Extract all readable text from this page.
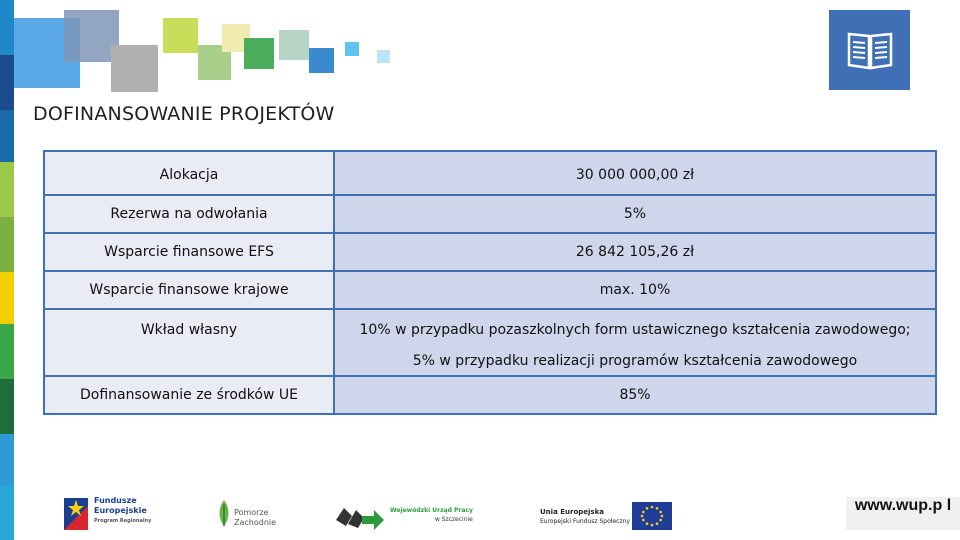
DOFINANSOWANIE PROJEKTÓW
Alokacja	30 000 000,00 zł
Rezerwa na odwołania	5%
Wsparcie finansowe EFS	26 842 105,26 zł
Wsparcie finansowe krajowe	max. 10%
Wkład własny	10% w przypadku pozaszkolnych form ustawicznego kształcenia zawodowego;
5% w przypadku realizacji programów kształcenia zawodowego

Dofinansowanie ze środków UE	85%
Fundusze
Europejskie
Program Regionalny
Pomorze
Zachodnie
Wojewódzki Urząd Pracy
w Szczecinie
Unia Europejska
Europejski Fundusz Społeczny
www.wup.p l
